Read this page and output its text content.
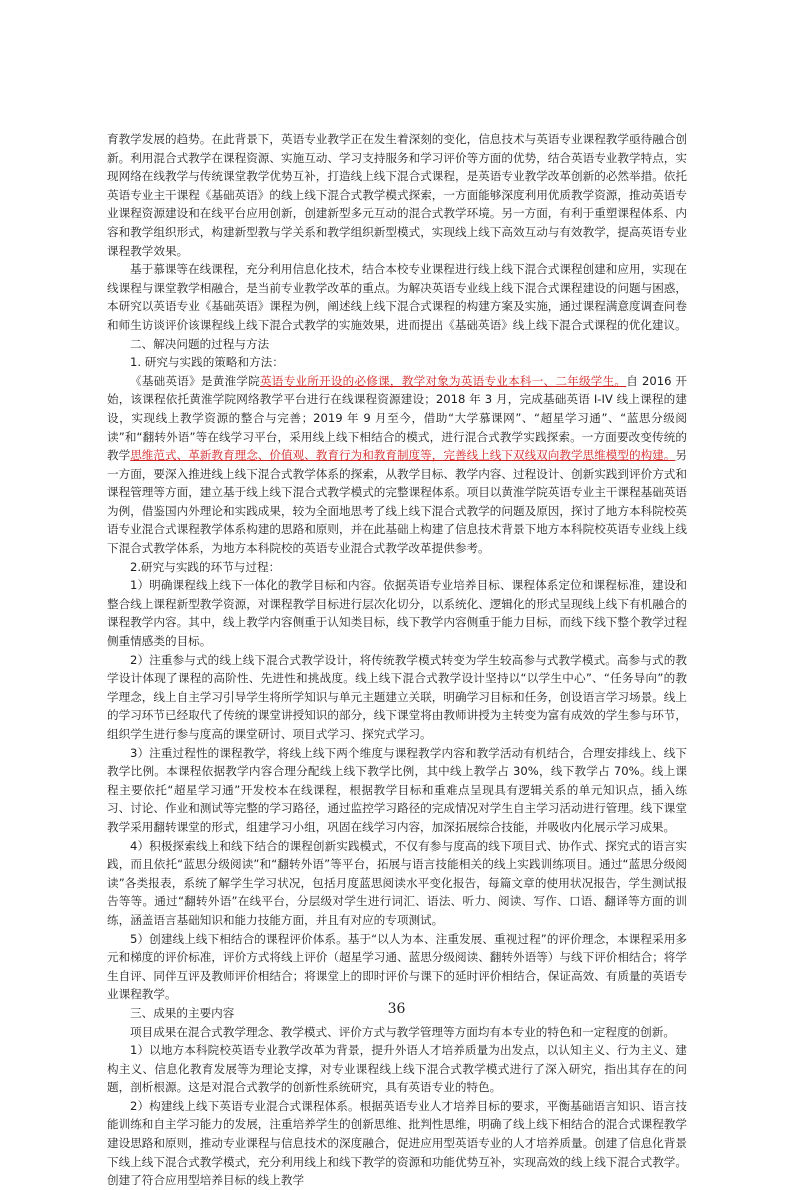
育教学发展的趋势。在此背景下，英语专业教学正在发生着深刻的变化，信息技术与英语专业课程教学亟待融合创新。利用混合式教学在课程资源、实施互动、学习支持服务和学习评价等方面的优势，结合英语专业教学特点，实现网络在线教学与传统课堂教学优势互补，打造线上线下混合式课程，是英语专业教学改革创新的必然举措。依托英语专业主干课程《基础英语》的线上线下混合式教学模式探索，一方面能够深度利用优质教学资源，推动英语专业课程资源建设和在线平台应用创新，创建新型多元互动的混合式教学环境。另一方面，有利于重塑课程体系、内容和教学组织形式，构建新型教与学关系和教学组织新型模式，实现线上线下高效互动与有效教学，提高英语专业课程教学效果。

基于慕课等在线课程，充分利用信息化技术，结合本校专业课程进行线上线下混合式课程创建和应用，实现在线课程与课堂教学相融合，是当前专业教学改革的重点。为解决英语专业线上线下混合式课程建设的问题与困惑，本研究以英语专业《基础英语》课程为例，阐述线上线下混合式课程的构建方案及实施，通过课程满意度调查问卷和师生访谈评价该课程线上线下混合式教学的实施效果，进而提出《基础英语》线上线下混合式课程的优化建议。

二、解决问题的过程与方法

1. 研究与实践的策略和方法：

《基础英语》是黄淮学院英语专业所开设的必修课，教学对象为英语专业本科一、二年级学生。自 2016 开始，该课程依托黄淮学院网络教学平台进行在线课程资源建设；2018 年 3 月，完成基础英语 I-IV 线上课程的建设，实现线上教学资源的整合与完善；2019 年 9 月至今，借助“大学慕课网”、“超星学习通”、“蓝思分级阅读”和“翻转外语”等在线学习平台，采用线上线下相结合的模式，进行混合式教学实践探索。一方面要改变传统的教学思维范式、革新教育理念、价值观、教育行为和教育制度等，完善线上线下双线双向教学思维模型的构建。另一方面，要深入推进线上线下混合式教学体系的探索，从教学目标、教学内容、过程设计、创新实践到评价方式和课程管理等方面，建立基于线上线下混合式教学模式的完整课程体系。项目以黄淮学院英语专业主干课程基础英语为例，借鉴国内外理论和实践成果，较为全面地思考了线上线下混合式教学的问题及原因，探讨了地方本科院校英语专业混合式课程教学体系构建的思路和原则，并在此基础上构建了信息技术背景下地方本科院校英语专业线上线下混合式教学体系，为地方本科院校的英语专业混合式教学改革提供参考。

2.研究与实践的环节与过程：

1）明确课程线上线下一体化的教学目标和内容。依据英语专业培养目标、课程体系定位和课程标准，建设和整合线上课程新型教学资源，对课程教学目标进行层次化切分，以系统化、逻辑化的形式呈现线上线下有机融合的课程教学内容。其中，线上教学内容侧重于认知类目标，线下教学内容侧重于能力目标，而线下线下整个教学过程侧重情感类的目标。

2）注重参与式的线上线下混合式教学设计，将传统教学模式转变为学生较高参与式教学模式。高参与式的教学设计体现了课程的高阶性、先进性和挑战度。线上线下混合式教学设计坚持以“以学生中心”、“任务导向”的教学理念，线上自主学习引导学生将所学知识与单元主题建立关联，明确学习目标和任务，创设语言学习场景。线上的学习环节已经取代了传统的课堂讲授知识的部分，线下课堂将由教师讲授为主转变为富有成效的学生参与环节，组织学生进行参与度高的课堂研讨、项目式学习、探究式学习。

3）注重过程性的课程教学，将线上线下两个维度与课程教学内容和教学活动有机结合，合理安排线上、线下教学比例。本课程依据教学内容合理分配线上线下教学比例，其中线上教学占 30%，线下教学占 70%。线上课程主要依托“超星学习通”开发校本在线课程，根据教学目标和重难点呈现具有逻辑关系的单元知识点，插入练习、讨论、作业和测试等完整的学习路径，通过监控学习路径的完成情况对学生自主学习活动进行管理。线下课堂教学采用翻转课堂的形式，组建学习小组，巩固在线学习内容，加深拓展综合技能，并吸收内化展示学习成果。

4）积极探索线上和线下结合的课程创新实践模式，不仅有参与度高的线下项目式、协作式、探究式的语言实践，而且依托“蓝思分级阅读”和“翻转外语”等平台，拓展与语言技能相关的线上实践训练项目。通过“蓝思分级阅读”各类报表，系统了解学生学习状况，包括月度蓝思阅读水平变化报告，每篇文章的使用状况报告，学生测试报告等等。通过“翻转外语”在线平台，分层级对学生进行词汇、语法、听力、阅读、写作、口语、翻译等方面的训练，涵盖语言基础知识和能力技能方面，并且有对应的专项测试。

5）创建线上线下相结合的课程评价体系。基于“以人为本、注重发展、重视过程”的评价理念，本课程采用多元和梯度的评价标准，评价方式将线上评价（超星学习通、蓝思分级阅读、翻转外语等）与线下评价相结合；将学生自评、同伴互评及教师评价相结合；将课堂上的即时评价与课下的延时评价相结合，保证高效、有质量的英语专业课程教学。

三、成果的主要内容

项目成果在混合式教学理念、教学模式、评价方式与教学管理等方面均有本专业的特色和一定程度的创新。

1）以地方本科院校英语专业教学改革为背景，提升外语人才培养质量为出发点，以认知主义、行为主义、建构主义、信息化教育发展等为理论支撑，对专业课程线上线下混合式教学模式进行了深入研究，指出其存在的问题，剖析根源。这是对混合式教学的创新性系统研究，具有英语专业的特色。

2）构建线上线下英语专业混合式课程体系。根据英语专业人才培养目标的要求，平衡基础语言知识、语言技能训练和自主学习能力的发展，注重培养学生的创新思维、批判性思维，明确了线上线下相结合的混合式课程教学建设思路和原则，推动专业课程与信息技术的深度融合，促进应用型英语专业的人才培养质量。创建了信息化背景下线上线下混合式教学模式，充分利用线上和线下教学的资源和功能优势互补，实现高效的线上线下混合式教学。创建了符合应用型培养目标的线上教学

36
